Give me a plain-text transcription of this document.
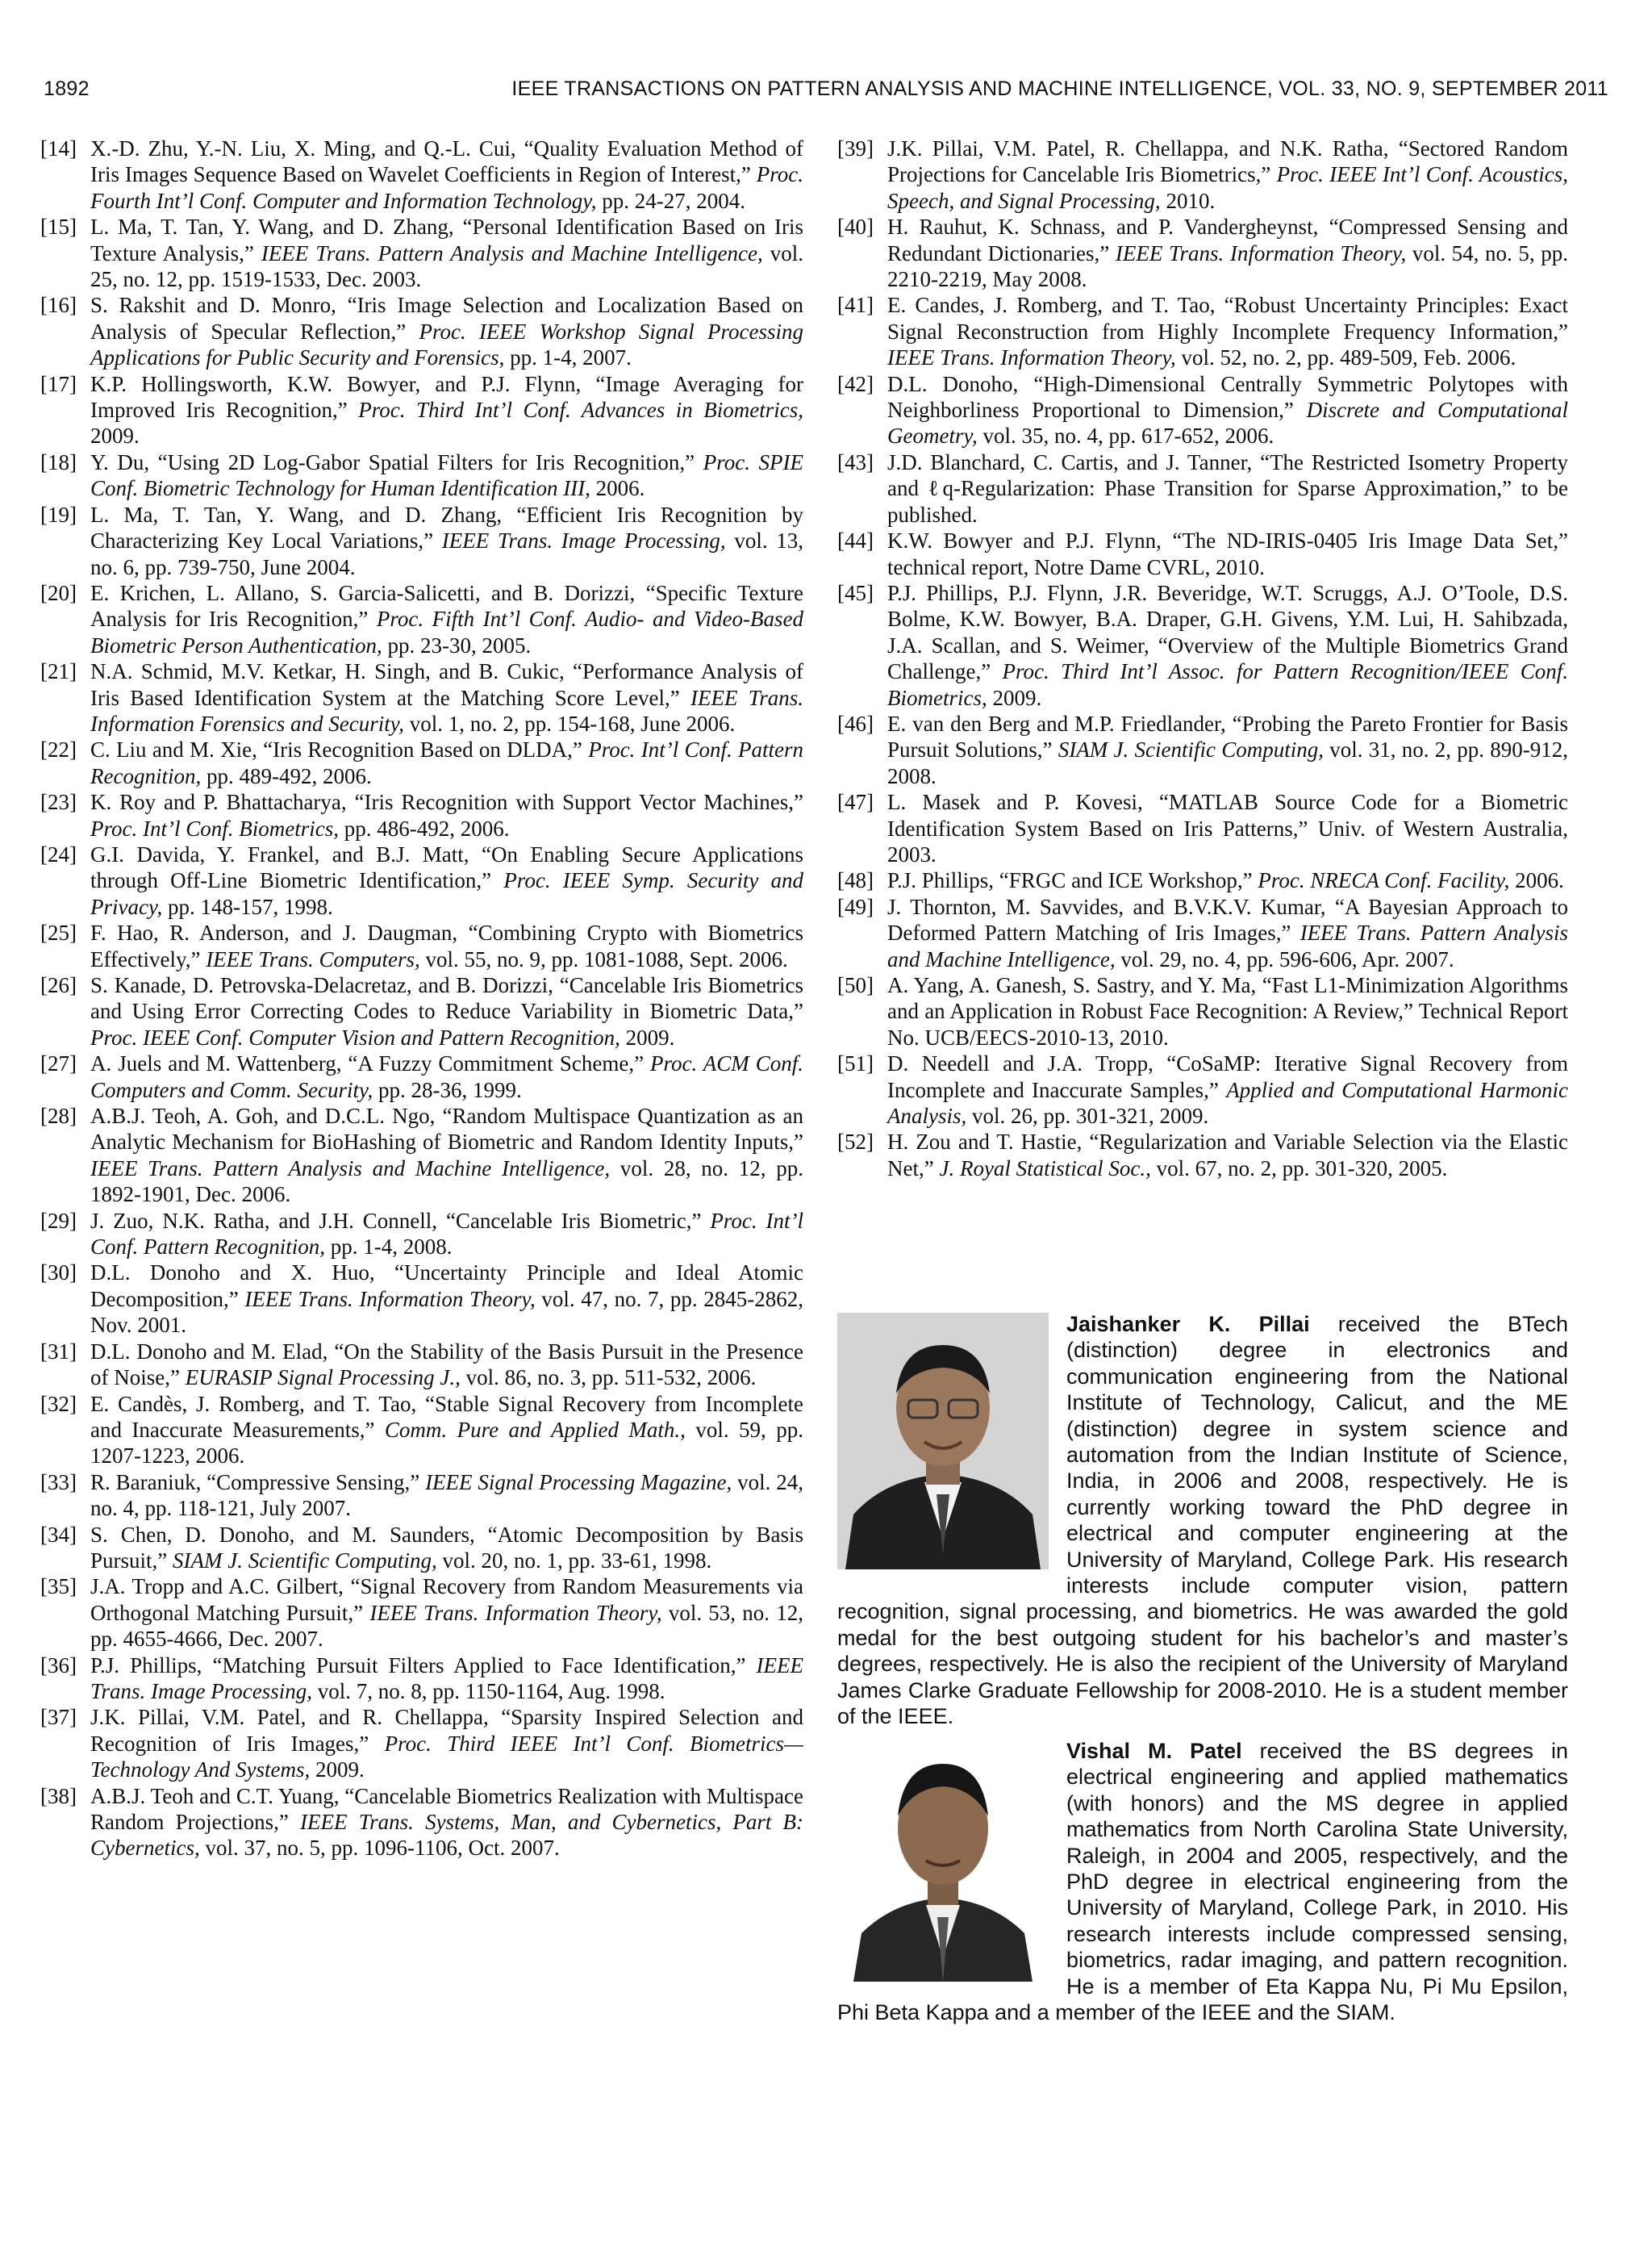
1892	IEEE TRANSACTIONS ON PATTERN ANALYSIS AND MACHINE INTELLIGENCE, VOL. 33, NO. 9, SEPTEMBER 2011

[14] X.-D. Zhu, Y.-N. Liu, X. Ming, and Q.-L. Cui, “Quality Evaluation Method of Iris Images Sequence Based on Wavelet Coefficients in Region of Interest,” Proc. Fourth Int’l Conf. Computer and Information Technology, pp. 24-27, 2004.

[15] L. Ma, T. Tan, Y. Wang, and D. Zhang, “Personal Identification Based on Iris Texture Analysis,” IEEE Trans. Pattern Analysis and Machine Intelligence, vol. 25, no. 12, pp. 1519-1533, Dec. 2003.

[16] S. Rakshit and D. Monro, “Iris Image Selection and Localization Based on Analysis of Specular Reflection,” Proc. IEEE Workshop Signal Processing Applications for Public Security and Forensics, pp. 1-4, 2007.

[17] K.P. Hollingsworth, K.W. Bowyer, and P.J. Flynn, “Image Averaging for Improved Iris Recognition,” Proc. Third Int’l Conf. Advances in Biometrics, 2009.

[18] Y. Du, “Using 2D Log-Gabor Spatial Filters for Iris Recognition,” Proc. SPIE Conf. Biometric Technology for Human Identification III, 2006.

[19] L. Ma, T. Tan, Y. Wang, and D. Zhang, “Efficient Iris Recognition by Characterizing Key Local Variations,” IEEE Trans. Image Processing, vol. 13, no. 6, pp. 739-750, June 2004.

[20] E. Krichen, L. Allano, S. Garcia-Salicetti, and B. Dorizzi, “Specific Texture Analysis for Iris Recognition,” Proc. Fifth Int’l Conf. Audio- and Video-Based Biometric Person Authentication, pp. 23-30, 2005.

[21] N.A. Schmid, M.V. Ketkar, H. Singh, and B. Cukic, “Performance Analysis of Iris Based Identification System at the Matching Score Level,” IEEE Trans. Information Forensics and Security, vol. 1, no. 2, pp. 154-168, June 2006.

[22] C. Liu and M. Xie, “Iris Recognition Based on DLDA,” Proc. Int’l Conf. Pattern Recognition, pp. 489-492, 2006.

[23] K. Roy and P. Bhattacharya, “Iris Recognition with Support Vector Machines,” Proc. Int’l Conf. Biometrics, pp. 486-492, 2006.

[24] G.I. Davida, Y. Frankel, and B.J. Matt, “On Enabling Secure Applications through Off-Line Biometric Identification,” Proc. IEEE Symp. Security and Privacy, pp. 148-157, 1998.

[25] F. Hao, R. Anderson, and J. Daugman, “Combining Crypto with Biometrics Effectively,” IEEE Trans. Computers, vol. 55, no. 9, pp. 1081-1088, Sept. 2006.

[26] S. Kanade, D. Petrovska-Delacretaz, and B. Dorizzi, “Cancelable Iris Biometrics and Using Error Correcting Codes to Reduce Variability in Biometric Data,” Proc. IEEE Conf. Computer Vision and Pattern Recognition, 2009.

[27] A. Juels and M. Wattenberg, “A Fuzzy Commitment Scheme,” Proc. ACM Conf. Computers and Comm. Security, pp. 28-36, 1999.

[28] A.B.J. Teoh, A. Goh, and D.C.L. Ngo, “Random Multispace Quantization as an Analytic Mechanism for BioHashing of Biometric and Random Identity Inputs,” IEEE Trans. Pattern Analysis and Machine Intelligence, vol. 28, no. 12, pp. 1892-1901, Dec. 2006.

[29] J. Zuo, N.K. Ratha, and J.H. Connell, “Cancelable Iris Biometric,” Proc. Int’l Conf. Pattern Recognition, pp. 1-4, 2008.

[30] D.L. Donoho and X. Huo, “Uncertainty Principle and Ideal Atomic Decomposition,” IEEE Trans. Information Theory, vol. 47, no. 7, pp. 2845-2862, Nov. 2001.

[31] D.L. Donoho and M. Elad, “On the Stability of the Basis Pursuit in the Presence of Noise,” EURASIP Signal Processing J., vol. 86, no. 3, pp. 511-532, 2006.

[32] E. Candès, J. Romberg, and T. Tao, “Stable Signal Recovery from Incomplete and Inaccurate Measurements,” Comm. Pure and Applied Math., vol. 59, pp. 1207-1223, 2006.

[33] R. Baraniuk, “Compressive Sensing,” IEEE Signal Processing Magazine, vol. 24, no. 4, pp. 118-121, July 2007.

[34] S. Chen, D. Donoho, and M. Saunders, “Atomic Decomposition by Basis Pursuit,” SIAM J. Scientific Computing, vol. 20, no. 1, pp. 33-61, 1998.

[35] J.A. Tropp and A.C. Gilbert, “Signal Recovery from Random Measurements via Orthogonal Matching Pursuit,” IEEE Trans. Information Theory, vol. 53, no. 12, pp. 4655-4666, Dec. 2007.

[36] P.J. Phillips, “Matching Pursuit Filters Applied to Face Identification,” IEEE Trans. Image Processing, vol. 7, no. 8, pp. 1150-1164, Aug. 1998.

[37] J.K. Pillai, V.M. Patel, and R. Chellappa, “Sparsity Inspired Selection and Recognition of Iris Images,” Proc. Third IEEE Int’l Conf. Biometrics—Technology And Systems, 2009.

[38] A.B.J. Teoh and C.T. Yuang, “Cancelable Biometrics Realization with Multispace Random Projections,” IEEE Trans. Systems, Man, and Cybernetics, Part B: Cybernetics, vol. 37, no. 5, pp. 1096-1106, Oct. 2007.

[39] J.K. Pillai, V.M. Patel, R. Chellappa, and N.K. Ratha, “Sectored Random Projections for Cancelable Iris Biometrics,” Proc. IEEE Int’l Conf. Acoustics, Speech, and Signal Processing, 2010.

[40] H. Rauhut, K. Schnass, and P. Vandergheynst, “Compressed Sensing and Redundant Dictionaries,” IEEE Trans. Information Theory, vol. 54, no. 5, pp. 2210-2219, May 2008.

[41] E. Candes, J. Romberg, and T. Tao, “Robust Uncertainty Principles: Exact Signal Reconstruction from Highly Incomplete Frequency Information,” IEEE Trans. Information Theory, vol. 52, no. 2, pp. 489-509, Feb. 2006.

[42] D.L. Donoho, “High-Dimensional Centrally Symmetric Polytopes with Neighborliness Proportional to Dimension,” Discrete and Computational Geometry, vol. 35, no. 4, pp. 617-652, 2006.

[43] J.D. Blanchard, C. Cartis, and J. Tanner, “The Restricted Isometry Property and ℓq-Regularization: Phase Transition for Sparse Approximation,” to be published.

[44] K.W. Bowyer and P.J. Flynn, “The ND-IRIS-0405 Iris Image Data Set,” technical report, Notre Dame CVRL, 2010.

[45] P.J. Phillips, P.J. Flynn, J.R. Beveridge, W.T. Scruggs, A.J. O’Toole, D.S. Bolme, K.W. Bowyer, B.A. Draper, G.H. Givens, Y.M. Lui, H. Sahibzada, J.A. Scallan, and S. Weimer, “Overview of the Multiple Biometrics Grand Challenge,” Proc. Third Int’l Assoc. for Pattern Recognition/IEEE Conf. Biometrics, 2009.

[46] E. van den Berg and M.P. Friedlander, “Probing the Pareto Frontier for Basis Pursuit Solutions,” SIAM J. Scientific Computing, vol. 31, no. 2, pp. 890-912, 2008.

[47] L. Masek and P. Kovesi, “MATLAB Source Code for a Biometric Identification System Based on Iris Patterns,” Univ. of Western Australia, 2003.

[48] P.J. Phillips, “FRGC and ICE Workshop,” Proc. NRECA Conf. Facility, 2006.

[49] J. Thornton, M. Savvides, and B.V.K.V. Kumar, “A Bayesian Approach to Deformed Pattern Matching of Iris Images,” IEEE Trans. Pattern Analysis and Machine Intelligence, vol. 29, no. 4, pp. 596-606, Apr. 2007.

[50] A. Yang, A. Ganesh, S. Sastry, and Y. Ma, “Fast L1-Minimization Algorithms and an Application in Robust Face Recognition: A Review,” Technical Report No. UCB/EECS-2010-13, 2010.

[51] D. Needell and J.A. Tropp, “CoSaMP: Iterative Signal Recovery from Incomplete and Inaccurate Samples,” Applied and Computational Harmonic Analysis, vol. 26, pp. 301-321, 2009.

[52] H. Zou and T. Hastie, “Regularization and Variable Selection via the Elastic Net,” J. Royal Statistical Soc., vol. 67, no. 2, pp. 301-320, 2005.

Jaishanker K. Pillai received the BTech (distinction) degree in electronics and communication engineering from the National Institute of Technology, Calicut, and the ME (distinction) degree in system science and automation from the Indian Institute of Science, India, in 2006 and 2008, respectively. He is currently working toward the PhD degree in electrical and computer engineering at the University of Maryland, College Park. His research interests include computer vision, pattern recognition, signal processing, and biometrics. He was awarded the gold medal for the best outgoing student for his bachelor’s and master’s degrees, respectively. He is also the recipient of the University of Maryland James Clarke Graduate Fellowship for 2008-2010. He is a student member of the IEEE.
Vishal M. Patel received the BS degrees in electrical engineering and applied mathematics (with honors) and the MS degree in applied mathematics from North Carolina State University, Raleigh, in 2004 and 2005, respectively, and the PhD degree in electrical engineering from the University of Maryland, College Park, in 2010. His research interests include compressed sensing, biometrics, radar imaging, and pattern recognition. He is a member of Eta Kappa Nu, Pi Mu Epsilon, Phi Beta Kappa and a member of the IEEE and the SIAM.
